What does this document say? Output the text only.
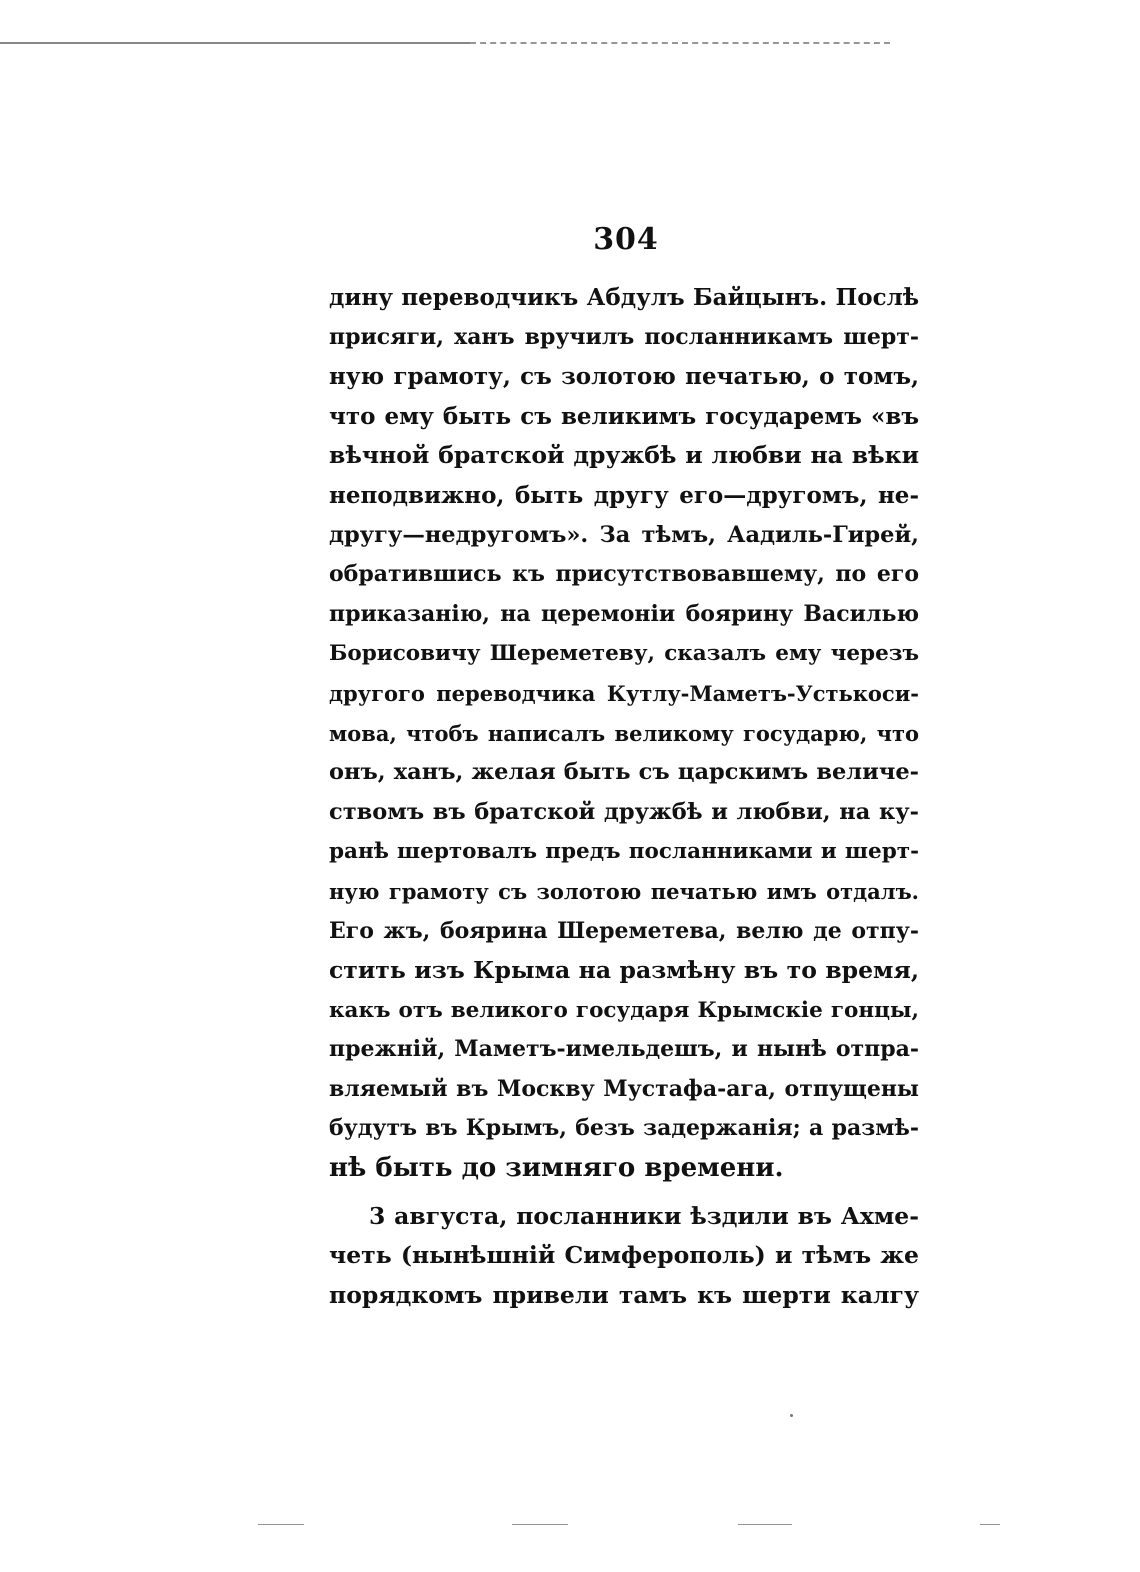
304
дину переводчикъ Абдулъ Байцынъ. Послѣ
присяги, ханъ вручилъ посланникамъ шерт-
ную грамоту, съ золотою печатью, о томъ,
что ему быть съ великимъ государемъ «въ
вѣчной братской дружбѣ и любви на вѣки
неподвижно, быть другу его—другомъ, не-
другу—недругомъ». За тѣмъ, Аадиль-Гирей,
обратившись къ присутствовавшему, по его
приказанію, на церемоніи боярину Василью
Борисовичу Шереметеву, сказалъ ему черезъ
другого переводчика Кутлу-Маметъ-Устькоси-
мова, чтобъ написалъ великому государю, что
онъ, ханъ, желая быть съ царскимъ величе-
ствомъ въ братской дружбѣ и любви, на ку-
ранѣ шертовалъ предъ посланниками и шерт-
ную грамоту съ золотою печатью имъ отдалъ.
Его жъ, боярина Шереметева, велю де отпу-
стить изъ Крыма на размѣну въ то время,
какъ отъ великого государя Крымскіе гонцы,
прежній, Маметъ-имельдешъ, и нынѣ отпра-
вляемый въ Москву Мустафа-ага, отпущены
будутъ въ Крымъ, безъ задержанія; а размѣ-
нѣ быть до зимняго времени.
3 августа, посланники ѣздили въ Ахме-
четь (нынѣшній Симферополь) и тѣмъ же
порядкомъ привели тамъ къ шерти калгу
